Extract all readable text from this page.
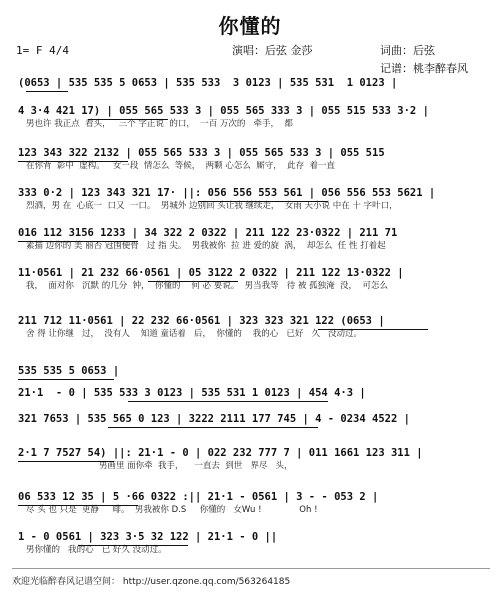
你懂的
1= F 4/4	演唱：后弦 金莎	词曲：后弦
记谱：桃李醉春风
(0653 | 535 535 5 0653 | 535 533  3 0123 | 535 531  1 0123 |
4 3·4 421 17) | 055 565 533 3 | 055 565 333 3 | 055 515 533 3·2 |
男也许 我正点  看头，   三个 字正说  的口，  一百 万次的   牵手，  都
123 343 322 2132 | 055 565 533 3 | 055 565 533 3 | 055 515
在你背  影中  虚构。   女一段  情怎么  等候，  两颗 心怎么  厮守，  此存  着一直
333 0·2 | 123 343 321 17· ||: 056 556 553 561 | 056 556 553 5621 |
烈酒，男 在  心底一  口又  一口。  男城外 边别回 头让我 继续走，  女雨 天小说 中在 十 字叶口，
016 112 3156 1233 | 34 322 2 0322 | 211 122 23·0322 | 211 71
素描 边你的 美 丽否 冠围便骨   过 指 尖。  男我被你  拉 进 爱的旋  涡，  却怎么  任 性 打着起
11·0561 | 21 232 66·0561 | 05 3122 2 0322 | 211 122 13·0322 |
我，  面对你   沉默 的几分  钟，  你懂的    何 必 要说。  男当我等   待 被 孤独淹  没，  可怎么
211 712 11·0561 | 22 232 66·0561 | 323 323 321 122 (0653 |
舍 得 让你继   过，  没有人    知道 童话着   后，  你懂的    我的心   已好   久   没动过。
535 535 5 0653 |
21·1  - 0 | 535 533 3 0123 | 535 531 1 0123 | 454 4·3 |
321 7653 | 535 565 0 123 | 3222 2111 177 745 | 4 - 0234 4522 |
2·1 7 7527 54) ||: 21·1 - 0 | 022 232 777 7 | 011 1661 123 311 |
男画里 面你牵  我手，    一直去  到世   界尽   头，
06 533 12 35 | 5 ·66 0322 :|| 21·1 - 0561 | 3 - - 053 2 |
尽 头 也 只是  更静     啡。  男我被你 D.S     你懂的   女Wu !              Oh !
1 - 0 0561 | 323 3·5 32 122 | 21·1 - 0 ||
男你懂的   我的心   已 好久 没动过。
欢迎光临醉春风记谱空间： http://user.qzone.qq.com/563264185
